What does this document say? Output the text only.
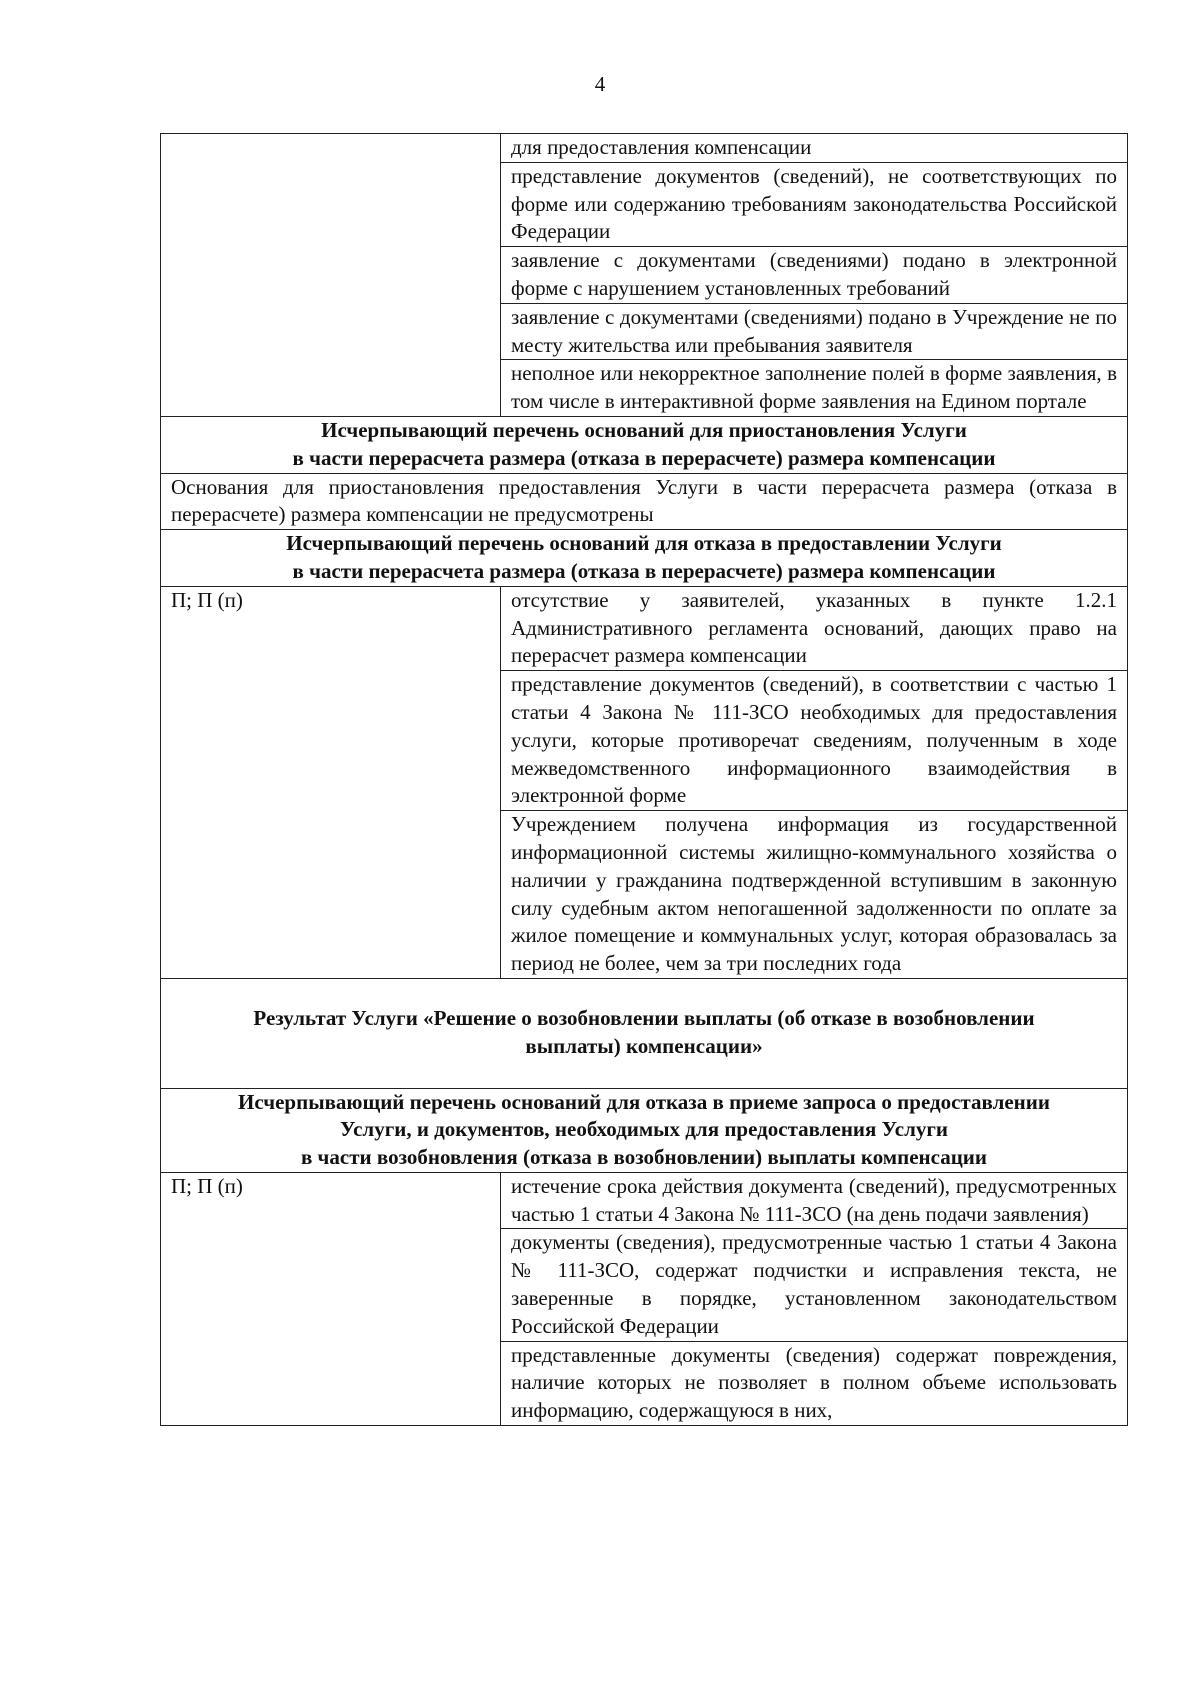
4
	для предоставления компенсации
	представление документов (сведений), не соответствующих по форме или содержанию требованиям законодательства Российской Федерации
	заявление с документами (сведениями) подано в электронной форме с нарушением установленных требований
	заявление с документами (сведениями) подано в Учреждение не по месту жительства или пребывания заявителя
	неполное или некорректное заполнение полей в форме заявления, в том числе в интерактивной форме заявления на Едином портале
Исчерпывающий перечень оснований для приостановления Услуги
в части перерасчета размера (отказа в перерасчете) размера компенсации	
Основания для приостановления предоставления Услуги в части перерасчета размера (отказа в перерасчете) размера компенсации не предусмотрены	
Исчерпывающий перечень оснований для отказа в предоставлении Услуги
в части перерасчета размера (отказа в перерасчете) размера компенсации	
П; П (п)	отсутствие у заявителей, указанных в пункте 1.2.1 Административного регламента оснований, дающих право на перерасчет размера компенсации
	представление документов (сведений), в соответствии с частью 1 статьи 4 Закона № 111-ЗСО необходимых для предоставления услуги, которые противоречат сведениям, полученным в ходе межведомственного информационного взаимодействия в электронной форме
	Учреждением получена информация из государственной информационной системы жилищно-коммунального хозяйства о наличии у гражданина подтвержденной вступившим в законную силу судебным актом непогашенной задолженности по оплате за жилое помещение и коммунальных услуг, которая образовалась за период не более, чем за три последних года
Результат Услуги «Решение о возобновлении выплаты (об отказе в возобновлении
выплаты) компенсации»	
Исчерпывающий перечень оснований для отказа в приеме запроса о предоставлении
Услуги, и документов, необходимых для предоставления Услуги
в части возобновления (отказа в возобновлении) выплаты компенсации	
П; П (п)	истечение срока действия документа (сведений), предусмотренных частью 1 статьи 4 Закона № 111-ЗСО (на день подачи заявления)
	документы (сведения), предусмотренные частью 1 статьи 4 Закона № 111-ЗСО, содержат подчистки и исправления текста, не заверенные в порядке, установленном законодательством Российской Федерации
	представленные документы (сведения) содержат повреждения, наличие которых не позволяет в полном объеме использовать информацию, содержащуюся в них,
